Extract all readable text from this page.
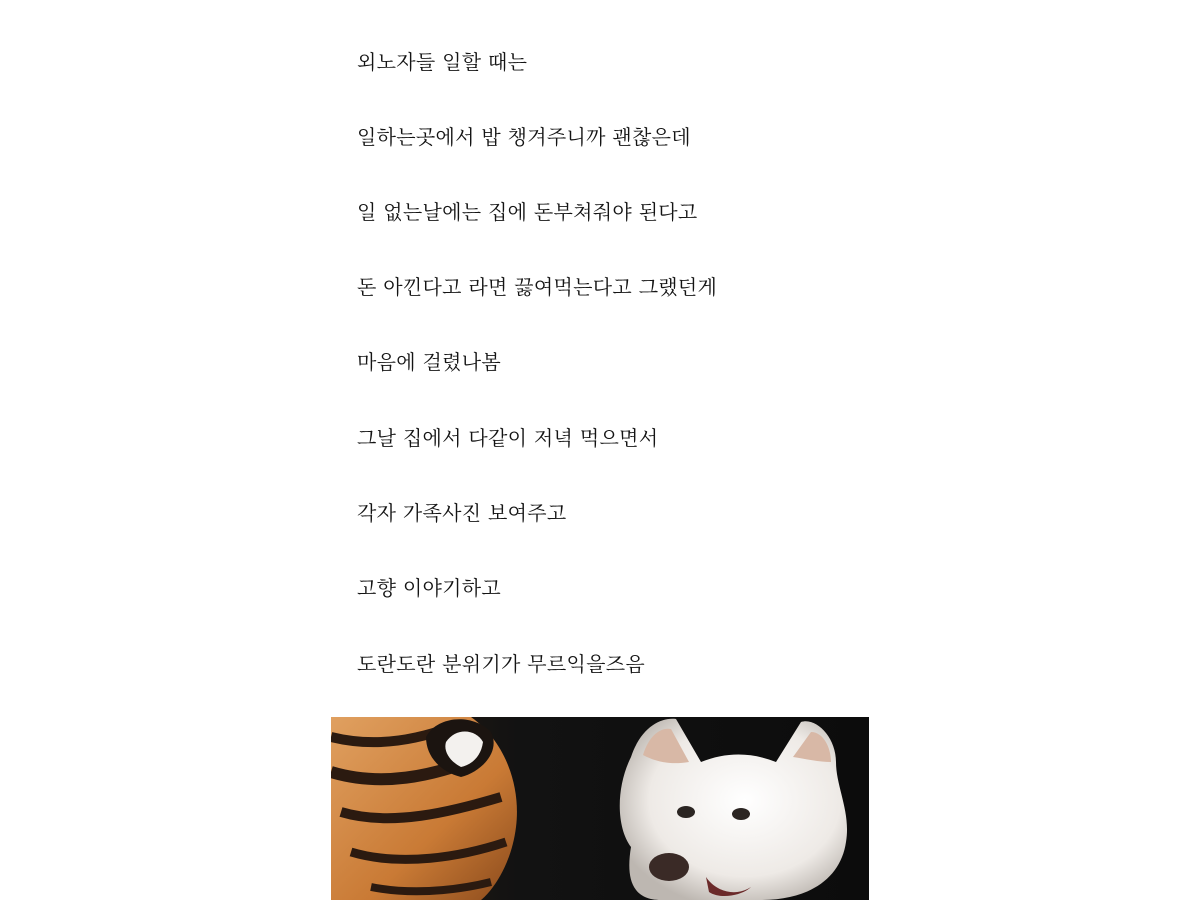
외노자들 일할 때는
일하는곳에서 밥 챙겨주니까 괜찮은데
일 없는날에는 집에 돈부쳐줘야 된다고
돈 아낀다고 라면 끓여먹는다고 그랬던게
마음에 걸렸나봄
그날 집에서 다같이 저녁 먹으면서
각자 가족사진 보여주고
고향 이야기하고
도란도란 분위기가 무르익을즈음
